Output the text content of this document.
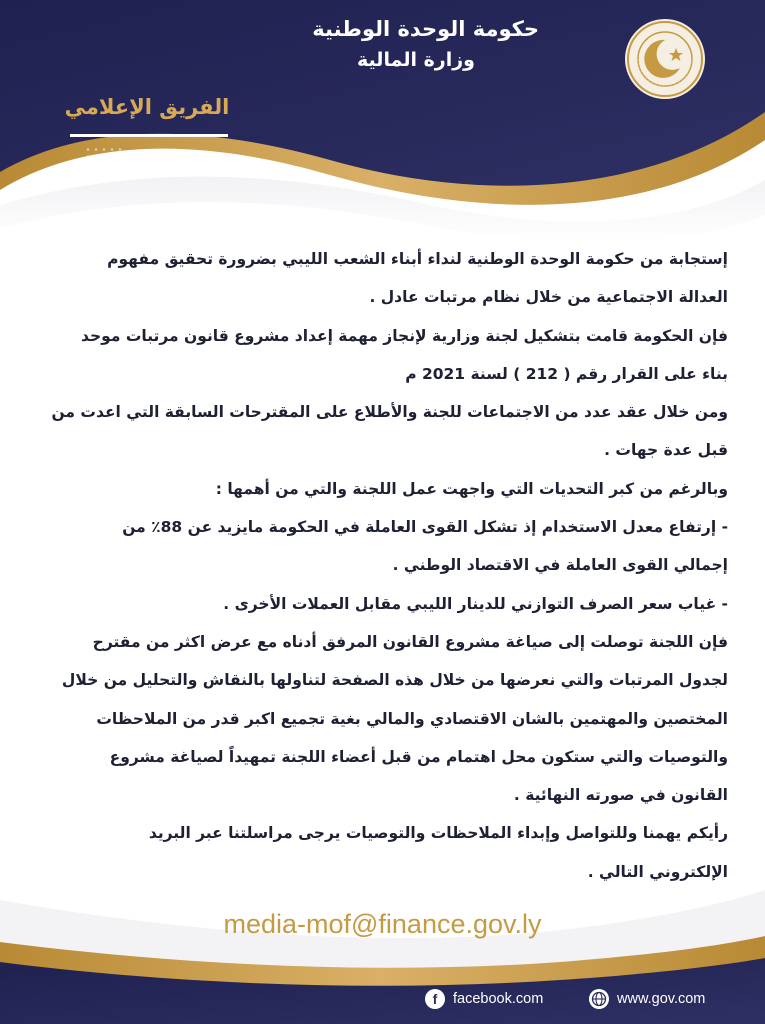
حكومة الوحدة الوطنية
وزارة المالية
الفريق الإعلامي

إستجابة من حكومة الوحدة الوطنية لنداء أبناء الشعب الليبي بضرورة تحقيق مفهوم

العدالة الاجتماعية من خلال نظام مرتبات عادل .

فإن الحكومة قامت بتشكيل لجنة وزارية لإنجاز مهمة إعداد مشروع قانون مرتبات موحد

بناء على القرار رقم ( 212 ) لسنة 2021 م

ومن خلال عقد عدد من الاجتماعات للجنة والأطلاع على المقترحات السابقة التي اعدت من

قبل عدة جهات .

وبالرغم من كبر التحديات التي واجهت عمل اللجنة والتي من أهمها :

- إرتفاع معدل الاستخدام إذ تشكل القوى العاملة في الحكومة مايزيد عن 88٪ من

إجمالي القوى العاملة في الاقتصاد الوطني .

- غياب سعر الصرف التوازني للدينار الليبي مقابل العملات الأخرى .

فإن اللجنة توصلت إلى صياغة مشروع القانون المرفق أدناه مع عرض اكثر من مقترح

لجدول المرتبات والتي نعرضها من خلال هذه الصفحة لتناولها بالنقاش والتحليل من خلال

المختصين والمهتمين بالشان الاقتصادي والمالي بغية تجميع اكبر قدر من الملاحظات

والتوصيات والتي ستكون محل اهتمام من قبل أعضاء اللجنة تمهيداً لصياغة مشروع

القانون في صورته النهائية .

رأيكم يهمنا وللتواصل وإبداء الملاحظات والتوصيات يرجى مراسلتنا عبر البريد

الإلكتروني التالي .

media-mof@finance.gov.ly
f facebook.com	www.gov.com
